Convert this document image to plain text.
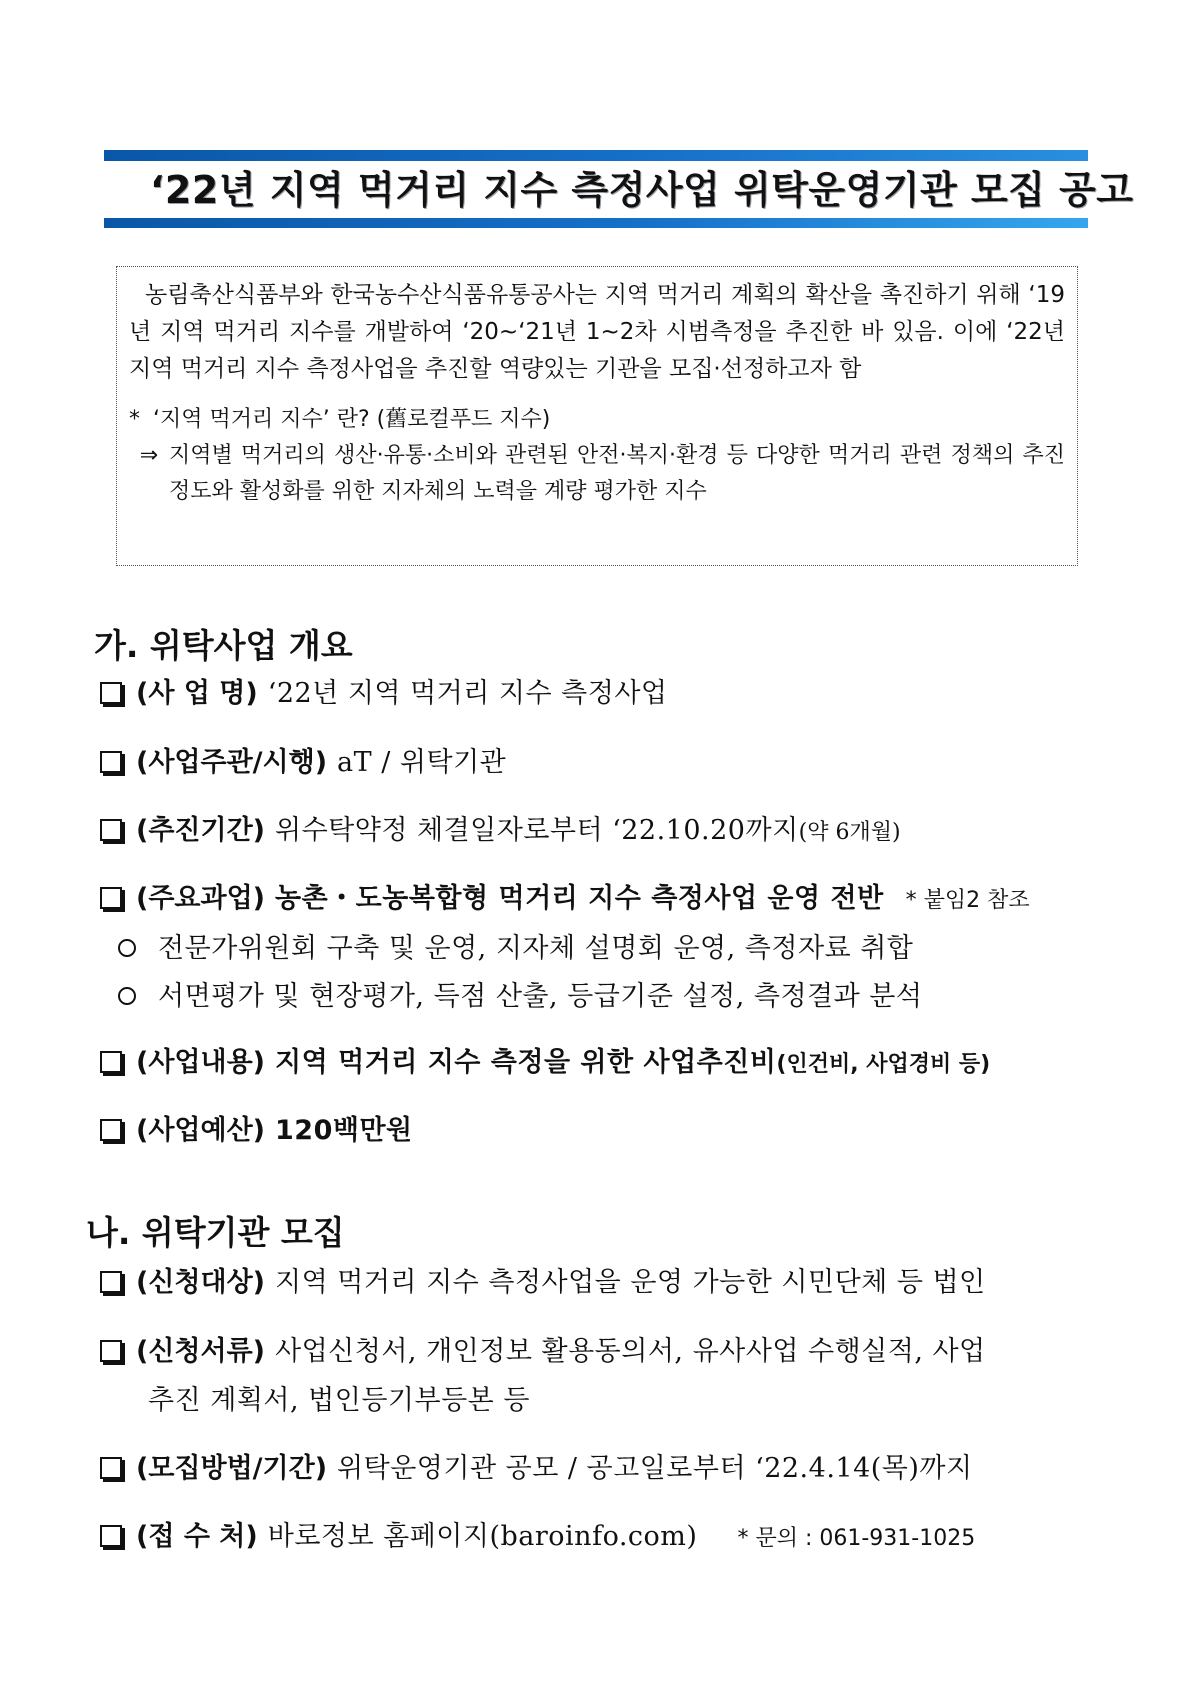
‘22년 지역 먹거리 지수 측정사업 위탁운영기관 모집 공고

농림축산식품부와 한국농수산식품유통공사는 지역 먹거리 계획의 확산을 촉진하기 위해 ‘19년 지역 먹거리 지수를 개발하여 ‘20~‘21년 1~2차 시범측정을 추진한 바 있음. 이에 ‘22년 지역 먹거리 지수 측정사업을 추진할 역량있는 기관을 모집·선정하고자 함

* ‘지역 먹거리 지수’ 란? (舊로컬푸드 지수)
⇒ 지역별 먹거리의 생산·유통·소비와 관련된 안전·복지·환경 등 다양한 먹거리 관련 정책의 추진 정도와 활성화를 위한 지자체의 노력을 계량 평가한 지수
가. 위탁사업 개요
(사 업 명) ‘22년 지역 먹거리 지수 측정사업
(사업주관/시행) aT / 위탁기관
(추진기간) 위수탁약정 체결일자로부터 ‘22.10.20까지(약 6개월)
(주요과업) 농촌・도농복합형 먹거리 지수 측정사업 운영 전반 * 붙임2 참조
전문가위원회 구축 및 운영, 지자체 설명회 운영, 측정자료 취합
서면평가 및 현장평가, 득점 산출, 등급기준 설정, 측정결과 분석
(사업내용) 지역 먹거리 지수 측정을 위한 사업추진비(인건비, 사업경비 등)
(사업예산) 120백만원
나. 위탁기관 모집
(신청대상) 지역 먹거리 지수 측정사업을 운영 가능한 시민단체 등 법인
(신청서류) 사업신청서, 개인정보 활용동의서, 유사사업 수행실적, 사업
추진 계획서, 법인등기부등본 등
(모집방법/기간) 위탁운영기관 공모 / 공고일로부터 ‘22.4.14(목)까지
(접 수 처) 바로정보 홈페이지(baroinfo.com) * 문의 : 061-931-1025
